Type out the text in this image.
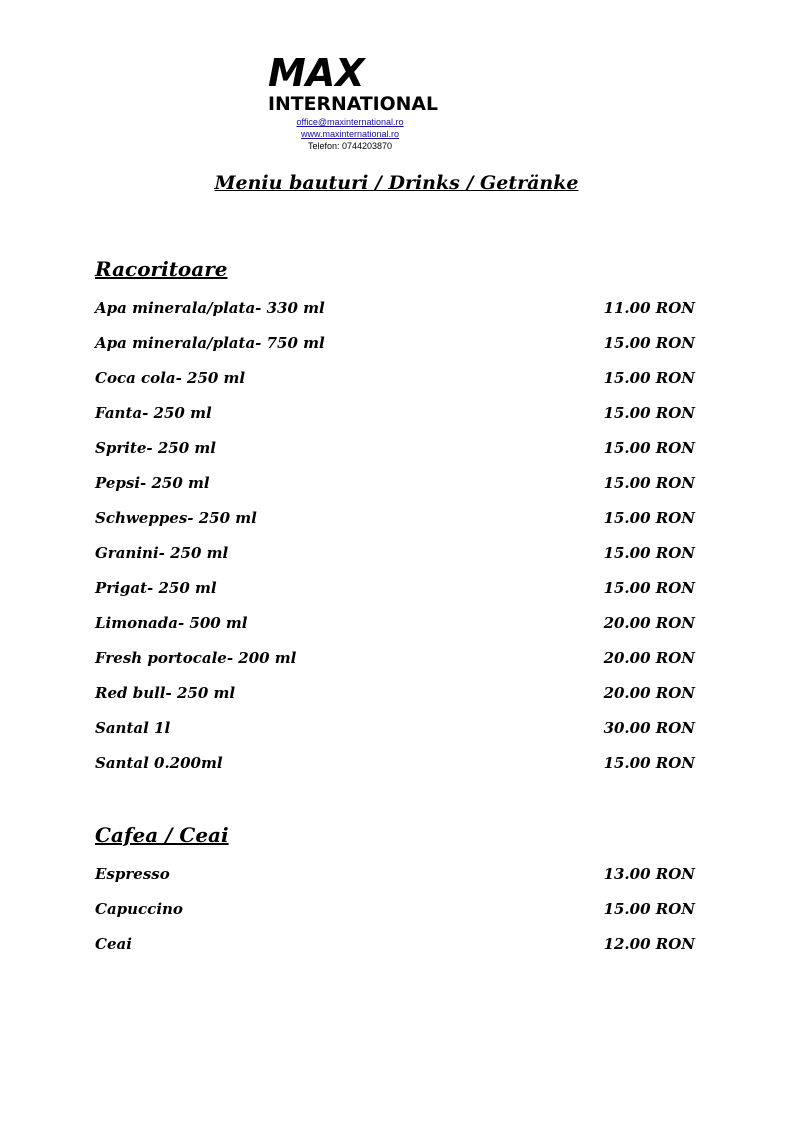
MAX
INTERNATIONAL
office@maxinternational.ro
www.maxinternational.ro
Telefon: 0744203870
Meniu bauturi / Drinks / Getränke
Racoritoare
Apa minerala/plata- 330 ml	11.00 RON
Apa minerala/plata- 750 ml	15.00 RON
Coca cola- 250 ml	15.00 RON
Fanta- 250 ml	15.00 RON
Sprite- 250 ml	15.00 RON
Pepsi- 250 ml	15.00 RON
Schweppes- 250 ml	15.00 RON
Granini- 250 ml	15.00 RON
Prigat- 250 ml	15.00 RON
Limonada- 500 ml	20.00 RON
Fresh portocale- 200 ml	20.00 RON
Red bull- 250 ml	20.00 RON
Santal 1l	30.00 RON
Santal 0.200ml	15.00 RON
Cafea / Ceai
Espresso	13.00 RON
Capuccino	15.00 RON
Ceai	12.00 RON
